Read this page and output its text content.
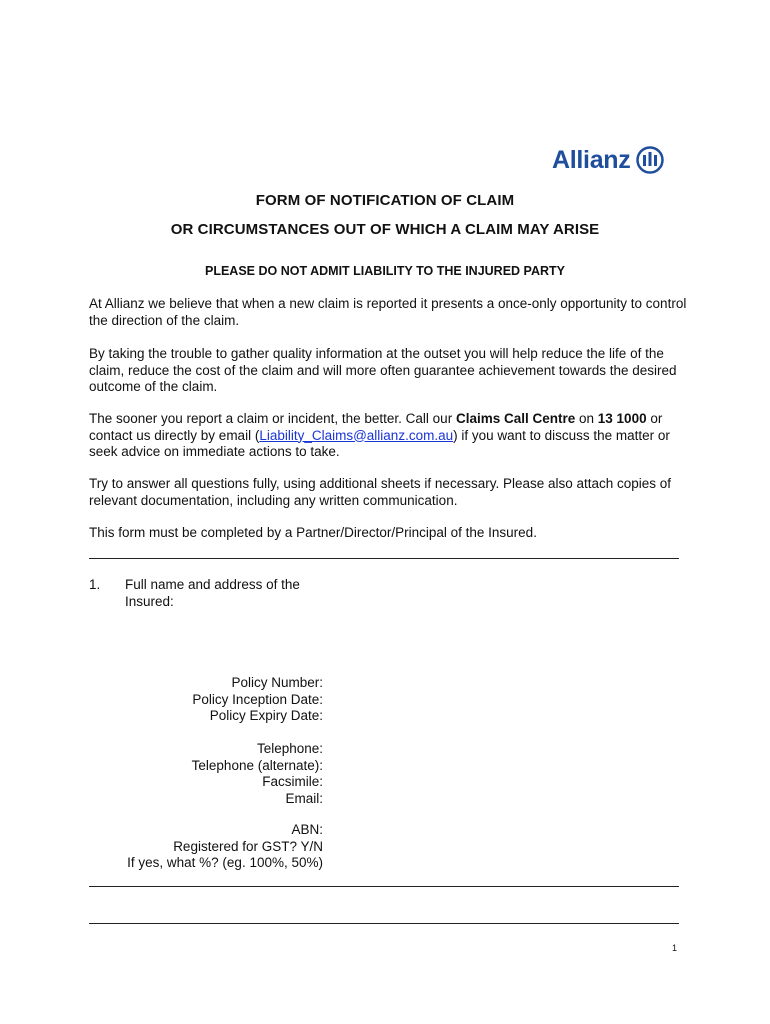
Allianz
FORM OF NOTIFICATION OF CLAIM
OR CIRCUMSTANCES OUT OF WHICH A CLAIM MAY ARISE
PLEASE DO NOT ADMIT LIABILITY TO THE INJURED PARTY
At Allianz we believe that when a new claim is reported it presents a once-only opportunity to control the direction of the claim.
By taking the trouble to gather quality information at the outset you will help reduce the life of the claim, reduce the cost of the claim and will more often guarantee achievement towards the desired outcome of the claim.
The sooner you report a claim or incident, the better. Call our Claims Call Centre on 13 1000 or contact us directly by email (Liability_Claims@allianz.com.au) if you want to discuss the matter or seek advice on immediate actions to take.
Try to answer all questions fully, using additional sheets if necessary. Please also attach copies of relevant documentation, including any written communication.
This form must be completed by a Partner/Director/Principal of the Insured.
1. Full name and address of the Insured:
Policy Number:
Policy Inception Date:
Policy Expiry Date:
Telephone:
Telephone (alternate):
Facsimile:
Email:
ABN:
Registered for GST? Y/N
If yes, what %? (eg. 100%, 50%)
1
